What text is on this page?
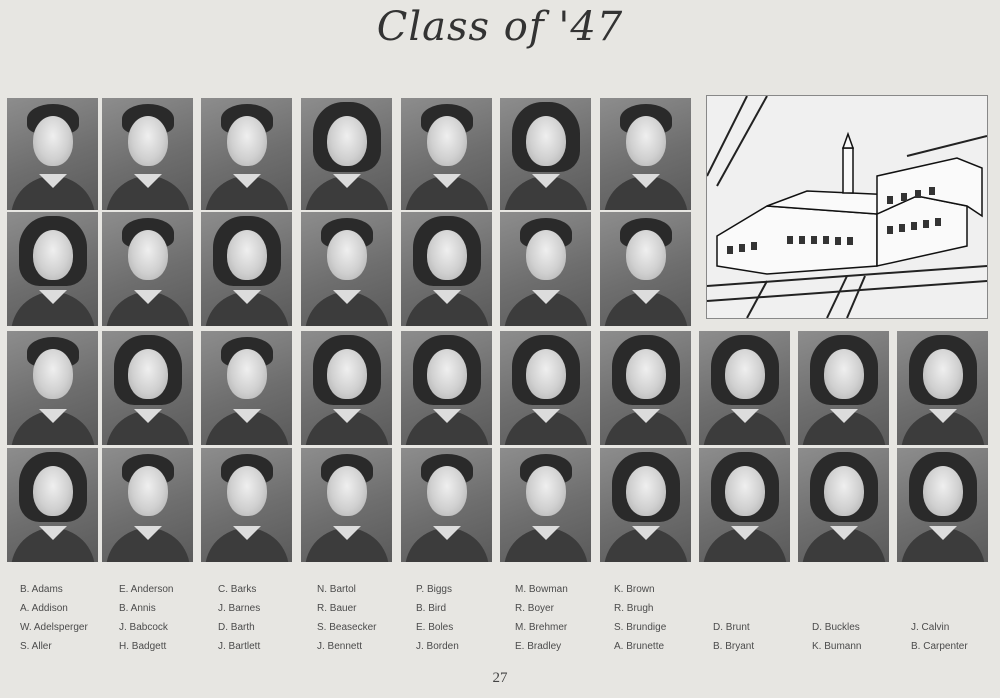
Class of '47
B. Adams
A. Addison
W. Adelsperger
S. Aller
E. Anderson
B. Annis
J. Babcock
H. Badgett
C. Barks
J. Barnes
D. Barth
J. Bartlett
N. Bartol
R. Bauer
S. Beasecker
J. Bennett
P. Biggs
B. Bird
E. Boles
J. Borden
M. Bowman
R. Boyer
M. Brehmer
E. Bradley
K. Brown
R. Brugh
S. Brundige
A. Brunette
D. Brunt
B. Bryant
D. Buckles
K. Bumann
J. Calvin
B. Carpenter
27
